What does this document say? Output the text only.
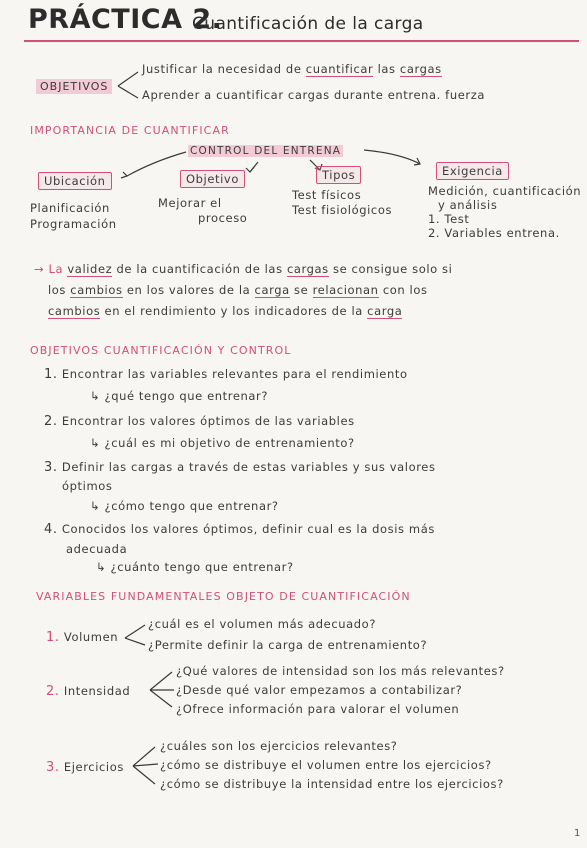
PRÁCTICA 2.
Cuantificación de la carga
OBJETIVOS
Justificar la necesidad de cuantificar las cargas
Aprender a cuantificar cargas durante entrena. fuerza
IMPORTANCIA DE CUANTIFICAR
CONTROL DEL ENTRENA
Ubicación	Objetivo	Tipos	Exigencia
Planificación
Programación
Mejorar el
proceso
Test físicos
Test fisiológicos
Medición, cuantificación
y análisis
1. Test
2. Variables entrena.
→ La validez de la cuantificación de las cargas se consigue solo si
los cambios en los valores de la carga se relacionan con los
cambios en el rendimiento y los indicadores de la carga
OBJETIVOS CUANTIFICACIÓN Y CONTROL
1. Encontrar las variables relevantes para el rendimiento
↳ ¿qué tengo que entrenar?
2. Encontrar los valores óptimos de las variables
↳ ¿cuál es mi objetivo de entrenamiento?
3. Definir las cargas a través de estas variables y sus valores
óptimos
↳ ¿cómo tengo que entrenar?
4. Conocidos los valores óptimos, definir cual es la dosis más
adecuada
↳ ¿cuánto tengo que entrenar?
VARIABLES FUNDAMENTALES OBJETO DE CUANTIFICACIÓN
1. Volumen
¿cuál es el volumen más adecuado?
¿Permite definir la carga de entrenamiento?
2. Intensidad
¿Qué valores de intensidad son los más relevantes?
¿Desde qué valor empezamos a contabilizar?
¿Ofrece información para valorar el volumen
3. Ejercicios
¿cuáles son los ejercicios relevantes?
¿cómo se distribuye el volumen entre los ejercicios?
¿cómo se distribuye la intensidad entre los ejercicios?
1
